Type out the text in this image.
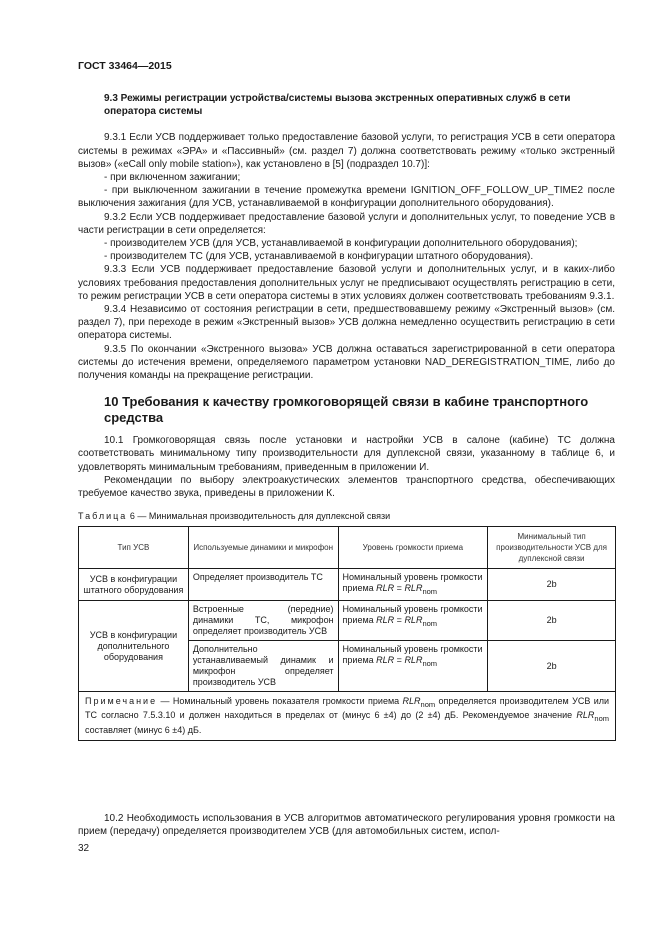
ГОСТ 33464—2015
9.3 Режимы регистрации устройства/системы вызова экстренных оперативных служб в сети оператора системы

9.3.1 Если УСВ поддерживает только предоставление базовой услуги, то регистрация УСВ в сети оператора системы в режимах «ЭРА» и «Пассивный» (см. раздел 7) должна соответствовать режиму «только экстренный вызов» («eCall only mobile station»), как установлено в [5] (подраздел 10.7)]:

- при включенном зажигании;

- при выключенном зажигании в течение промежутка времени IGNITION_OFF_FOLLOW_UP_TIME2 после выключения зажигания (для УСВ, устанавливаемой в конфигурации дополнительного оборудования).

9.3.2 Если УСВ поддерживает предоставление базовой услуги и дополнительных услуг, то поведение УСВ в части регистрации в сети определяется:

- производителем УСВ (для УСВ, устанавливаемой в конфигурации дополнительного оборудования);

- производителем ТС (для УСВ, устанавливаемой в конфигурации штатного оборудования).

9.3.3 Если УСВ поддерживает предоставление базовой услуги и дополнительных услуг, и в каких-либо условиях требования предоставления дополнительных услуг не предписывают осуществлять регистрацию в сети, то режим регистрации УСВ в сети оператора системы в этих условиях должен соответствовать требованиям 9.3.1.

9.3.4 Независимо от состояния регистрации в сети, предшествовавшему режиму «Экстренный вызов» (см. раздел 7), при переходе в режим «Экстренный вызов» УСВ должна немедленно осуществить регистрацию в сети оператора системы.

9.3.5 По окончании «Экстренного вызова» УСВ должна оставаться зарегистрированной в сети оператора системы до истечения времени, определяемого параметром установки NAD_DEREGISTRATION_TIME, либо до получения команды на прекращение регистрации.

10 Требования к качеству громкоговорящей связи в кабине транспортного средства

10.1 Громкоговорящая связь после установки и настройки УСВ в салоне (кабине) ТС должна соответствовать минимальному типу производительности для дуплексной связи, указанному в таблице 6, и удовлетворять минимальным требованиям, приведенным в приложении И.

Рекомендации по выбору электроакустических элементов транспортного средства, обеспечивающих требуемое качество звука, приведены в приложении К.

Таблица 6 — Минимальная производительность для дуплексной связи
Тип УСВ	Используемые динамики и микрофон	Уровень громкости приема	Минимальный тип производительности УСВ для дуплексной связи
УСВ в конфигурации штатного оборудования	Определяет производитель ТС	Номинальный уровень громкости приема RLR = $RLR_{nom}$	2b
УСВ в конфигурации дополнительного оборудования	Встроенные (передние) динамики ТС, микрофон определяет производитель УСВ	Номинальный уровень громкости приема RLR = $RLR_{nom}$	2b
	Дополнительно устанавливаемый динамик и микрофон определяет производитель УСВ	Номинальный уровень громкости приема RLR = $RLR_{nom}$	2b
Примечание — Номинальный уровень показателя громкости приема $RLR_{nom}$ определяется производителем УСВ или ТС согласно 7.5.3.10 и должен находиться в пределах от (минус 6 ±4) до (2 ±4) дБ. Рекомендуемое значение $RLR_{nom}$ составляет (минус 6 ±4) дБ.			

10.2 Необходимость использования в УСВ алгоритмов автоматического регулирования уровня громкости на прием (передачу) определяется производителем УСВ (для автомобильных систем, испол-

32
